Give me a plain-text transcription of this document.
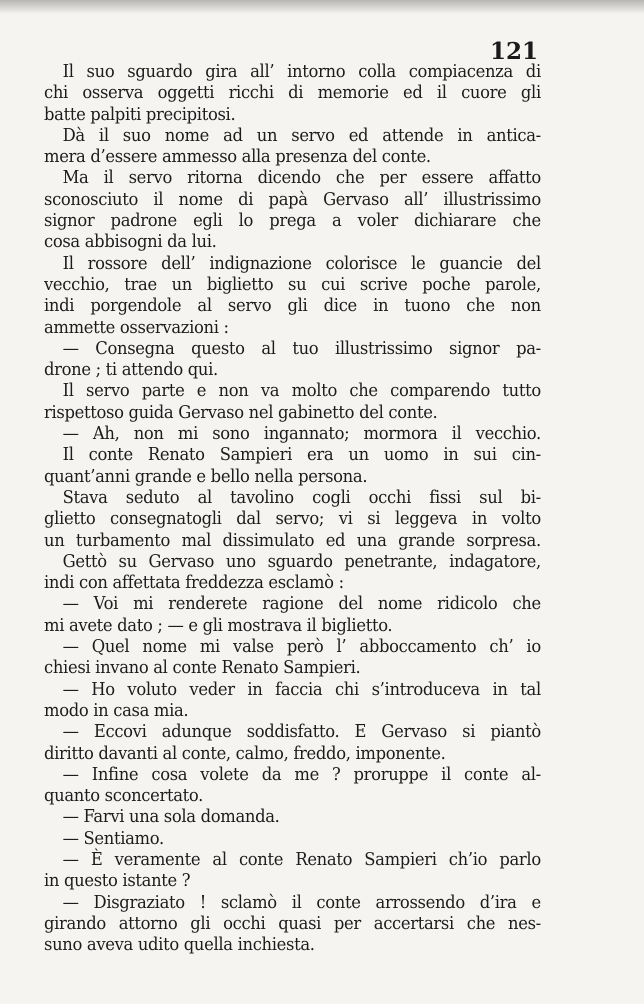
121
Il suo sguardo gira all’ intorno colla compiacenza di
chi osserva oggetti ricchi di memorie ed il cuore gli
batte palpiti precipitosi.
Dà il suo nome ad un servo ed attende in antica-
mera d’essere ammesso alla presenza del conte.
Ma il servo ritorna dicendo che per essere affatto
sconosciuto il nome di papà Gervaso all’ illustrissimo
signor padrone egli lo prega a voler dichiarare che
cosa abbisogni da lui.
Il rossore dell’ indignazione colorisce le guancie del
vecchio, trae un biglietto su cui scrive poche parole,
indi porgendole al servo gli dice in tuono che non
ammette osservazioni :
— Consegna questo al tuo illustrissimo signor pa-
drone ; ti attendo qui.
Il servo parte e non va molto che comparendo tutto
rispettoso guida Gervaso nel gabinetto del conte.
— Ah, non mi sono ingannato; mormora il vecchio.
Il conte Renato Sampieri era un uomo in sui cin-
quant’anni grande e bello nella persona.
Stava seduto al tavolino cogli occhi fissi sul bi-
glietto consegnatogli dal servo; vi si leggeva in volto
un turbamento mal dissimulato ed una grande sorpresa.
Gettò su Gervaso uno sguardo penetrante, indagatore,
indi con affettata freddezza esclamò :
— Voi mi renderete ragione del nome ridicolo che
mi avete dato ; — e gli mostrava il biglietto.
— Quel nome mi valse però l’ abboccamento ch’ io
chiesi invano al conte Renato Sampieri.
— Ho voluto veder in faccia chi s’introduceva in tal
modo in casa mia.
— Eccovi adunque soddisfatto. E Gervaso si piantò
diritto davanti al conte, calmo, freddo, imponente.
— Infine cosa volete da me ? proruppe il conte al-
quanto sconcertato.
— Farvi una sola domanda.
— Sentiamo.
— È veramente al conte Renato Sampieri ch’io parlo
in questo istante ?
— Disgraziato ! sclamò il conte arrossendo d’ira e
girando attorno gli occhi quasi per accertarsi che nes-
suno aveva udito quella inchiesta.
